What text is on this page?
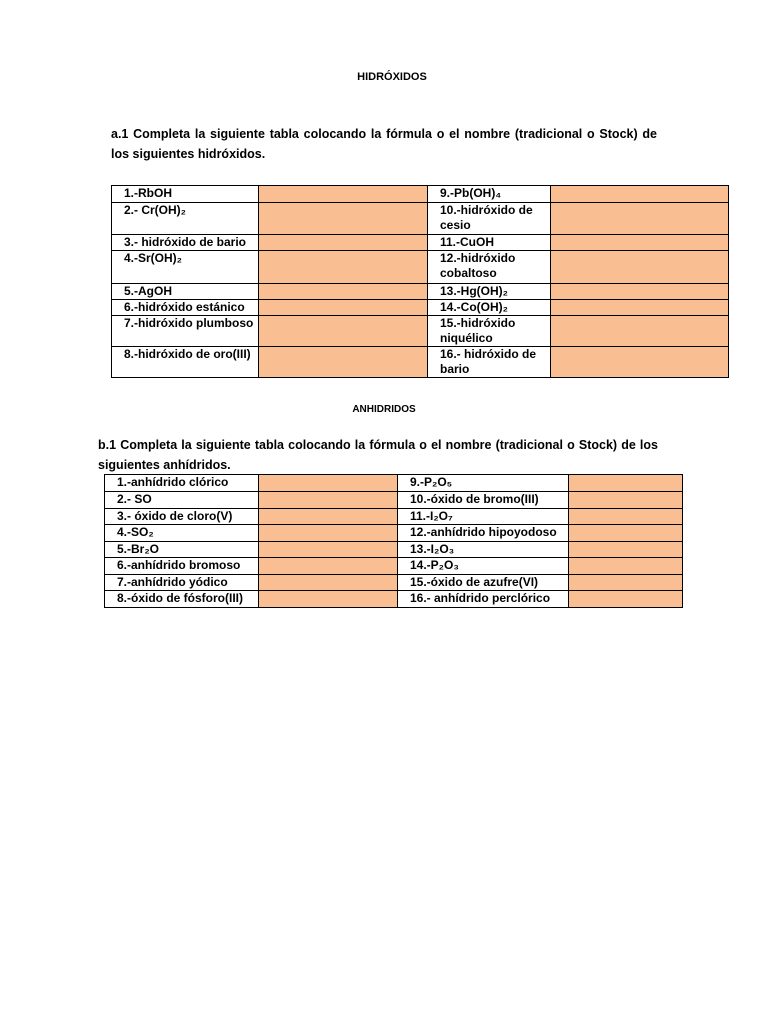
HIDRÓXIDOS
a.1 Completa la siguiente tabla colocando la fórmula o el nombre (tradicional o Stock) de los siguientes hidróxidos.
1.-RbOH		9.-Pb(OH)₄	
2.- Cr(OH)₂		10.-hidróxido de cesio	
3.- hidróxido de bario		11.-CuOH	
4.-Sr(OH)₂		12.-hidróxido cobaltoso	
5.-AgOH		13.-Hg(OH)₂	
6.-hidróxido estánico		14.-Co(OH)₂	
7.-hidróxido plumboso		15.-hidróxido niquélico	
8.-hidróxido de oro(III)		16.- hidróxido de bario	
ANHIDRIDOS
b.1 Completa la siguiente tabla colocando la fórmula o el nombre (tradicional o Stock) de los siguientes anhídridos.
1.-anhídrido clórico		9.-P₂O₅	
2.- SO		10.-óxido de bromo(III)	
3.- óxido de cloro(V)		11.-I₂O₇	
4.-SO₂		12.-anhídrido hipoyodoso	
5.-Br₂O		13.-I₂O₃	
6.-anhídrido bromoso		14.-P₂O₃	
7.-anhídrido yódico		15.-óxido de azufre(VI)	
8.-óxido de fósforo(III)		16.- anhídrido perclórico	
